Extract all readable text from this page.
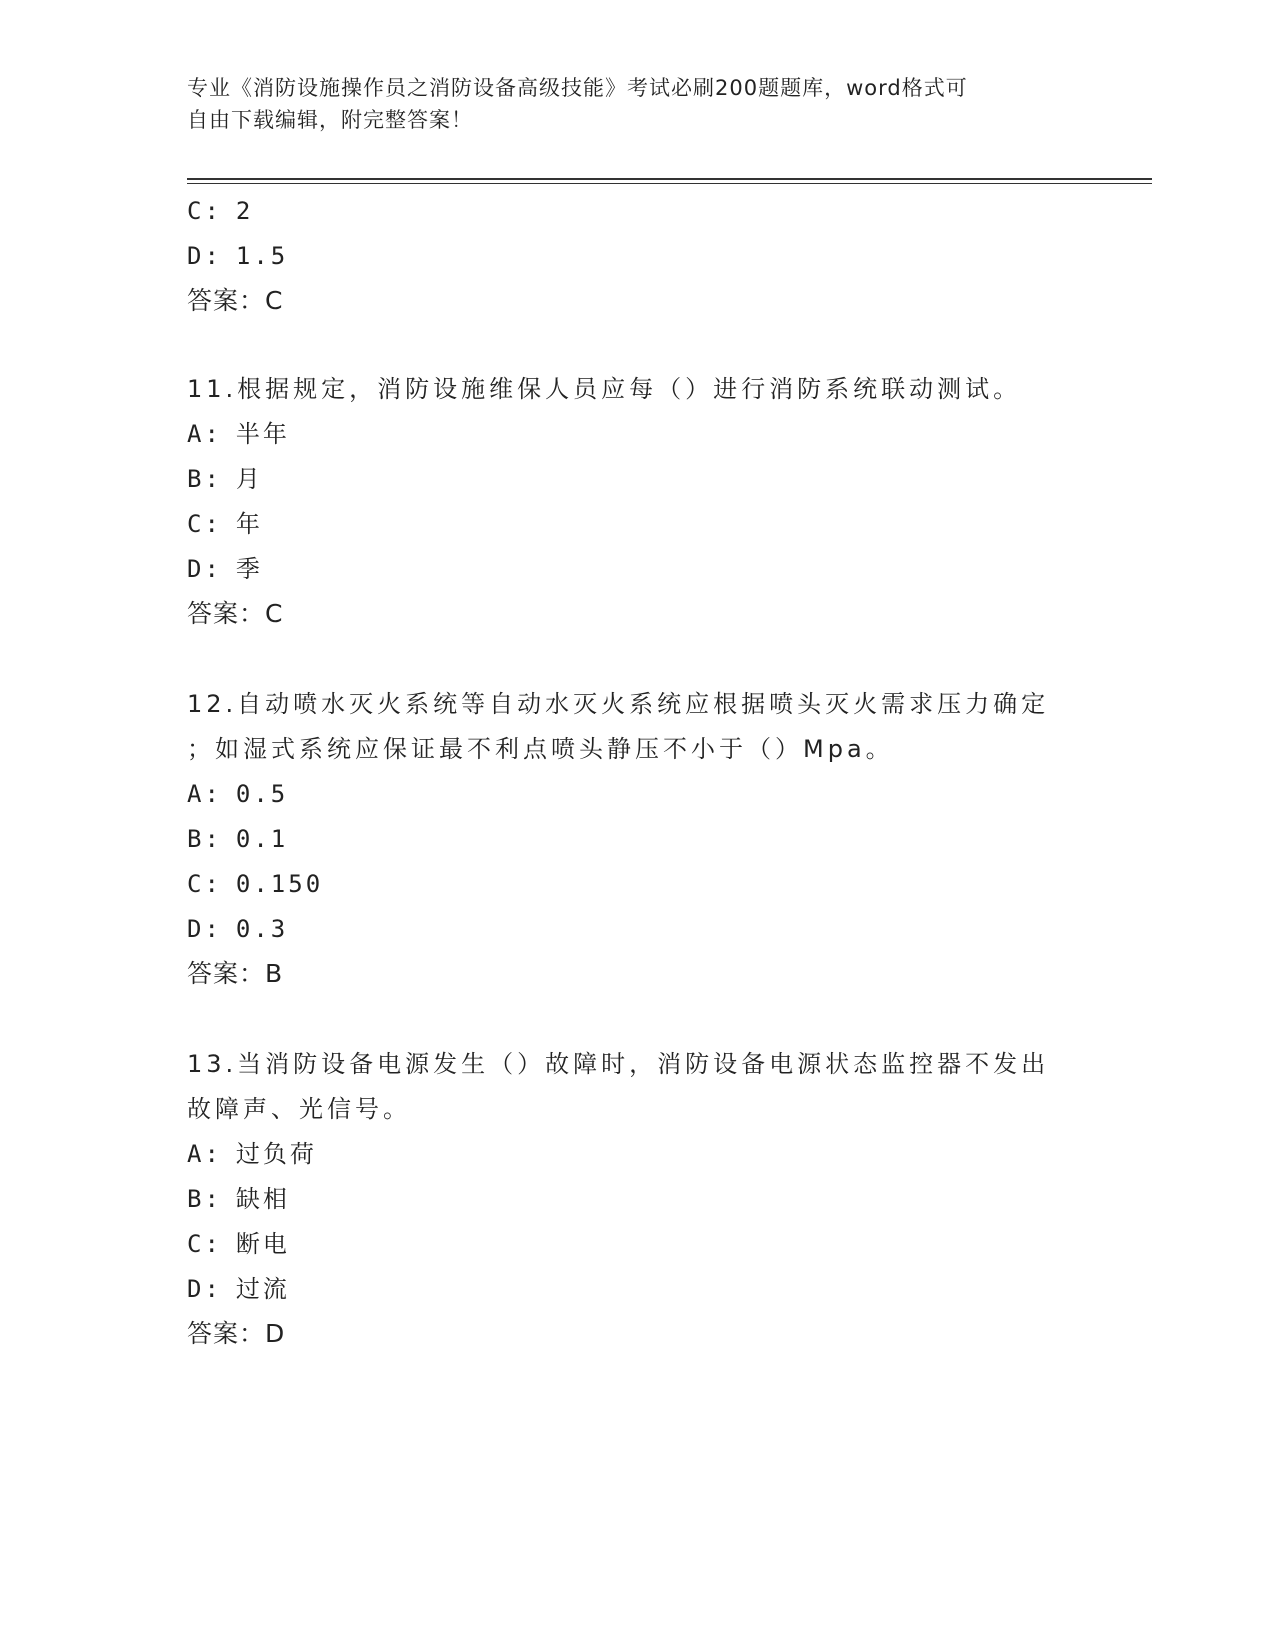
专业《消防设施操作员之消防设备高级技能》考试必刷200题题库，word格式可
自由下载编辑，附完整答案！
C: 2
D: 1.5
答案：C
11.根据规定，消防设施维保人员应每（）进行消防系统联动测试。
A: 半年
B: 月
C: 年
D: 季
答案：C
12.自动喷水灭火系统等自动水灭火系统应根据喷头灭火需求压力确定
；如湿式系统应保证最不利点喷头静压不小于（）Mpa。
A: 0.5
B: 0.1
C: 0.150
D: 0.3
答案：B
13.当消防设备电源发生（）故障时，消防设备电源状态监控器不发出
故障声、光信号。
A: 过负荷
B: 缺相
C: 断电
D: 过流
答案：D
